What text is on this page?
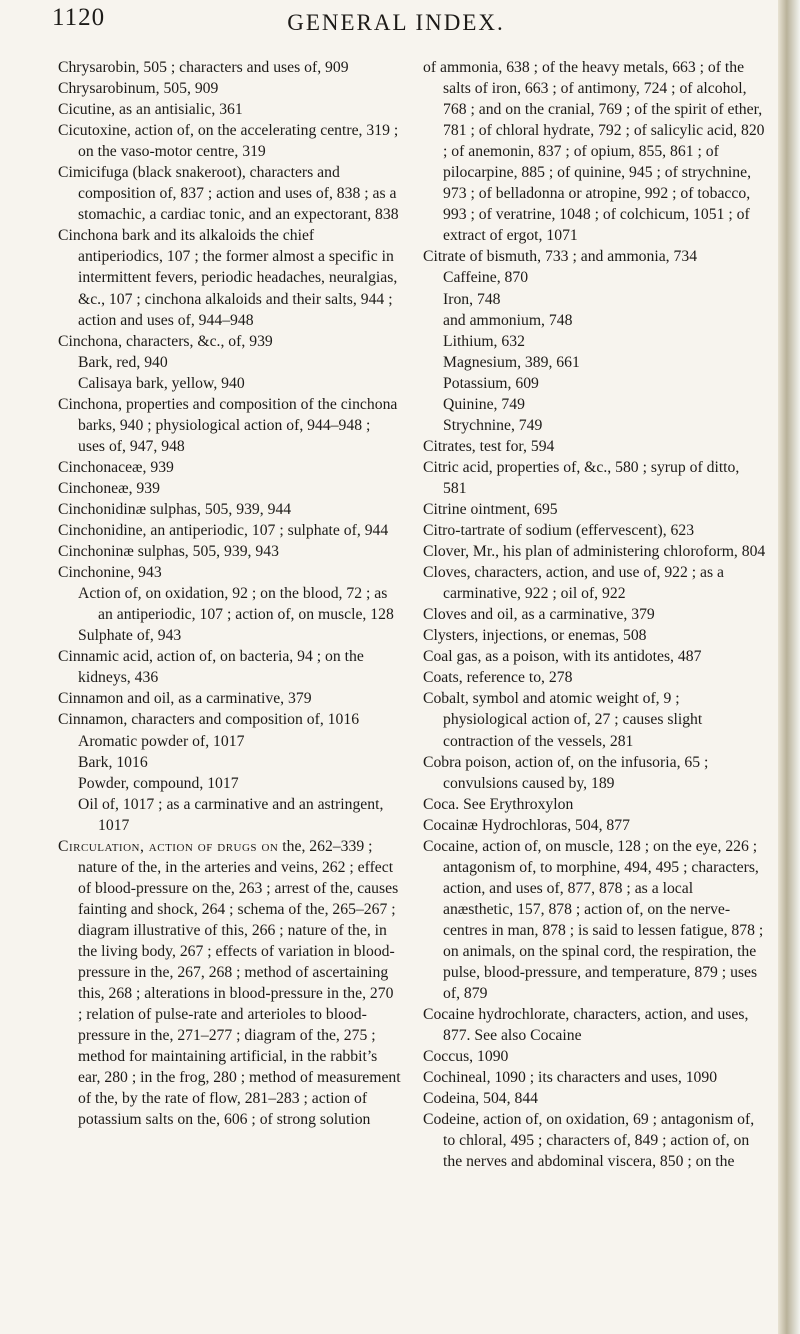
1120	GENERAL INDEX.
Chrysarobin, 505 ; characters and uses of, 909
Chrysarobinum, 505, 909
Cicutine, as an antisialic, 361
Cicutoxine, action of, on the accelerating centre, 319 ; on the vaso-motor centre, 319
Cimicifuga (black snakeroot), characters and composition of, 837 ; action and uses of, 838 ; as a stomachic, a cardiac tonic, and an expectorant, 838
Cinchona bark and its alkaloids the chief antiperiodics, 107 ; the former almost a specific in intermittent fevers, periodic headaches, neuralgias, &c., 107 ; cinchona alkaloids and their salts, 944 ; action and uses of, 944–948
Cinchona, characters, &c., of, 939
Bark, red, 940
Calisaya bark, yellow, 940
Cinchona, properties and composition of the cinchona barks, 940 ; physiological action of, 944–948 ; uses of, 947, 948
Cinchonaceæ, 939
Cinchoneæ, 939
Cinchonidinæ sulphas, 505, 939, 944
Cinchonidine, an antiperiodic, 107 ; sulphate of, 944
Cinchoninæ sulphas, 505, 939, 943
Cinchonine, 943
Action of, on oxidation, 92 ; on the blood, 72 ; as an antiperiodic, 107 ; action of, on muscle, 128
Sulphate of, 943
Cinnamic acid, action of, on bacteria, 94 ; on the kidneys, 436
Cinnamon and oil, as a carminative, 379
Cinnamon, characters and composition of, 1016
Aromatic powder of, 1017
Bark, 1016
Powder, compound, 1017
Oil of, 1017 ; as a carminative and an astringent, 1017
Circulation, action of drugs on the, 262–339 ; nature of the, in the arteries and veins, 262 ; effect of blood-pressure on the, 263 ; arrest of the, causes fainting and shock, 264 ; schema of the, 265–267 ; diagram illustrative of this, 266 ; nature of the, in the living body, 267 ; effects of variation in blood-pressure in the, 267, 268 ; method of ascertaining this, 268 ; alterations in blood-pressure in the, 270 ; relation of pulse-rate and arterioles to blood-pressure in the, 271–277 ; diagram of the, 275 ; method for maintaining artificial, in the rabbit’s ear, 280 ; in the frog, 280 ; method of measurement of the, by the rate of flow, 281–283 ; action of potassium salts on the, 606 ; of strong solution
of ammonia, 638 ; of the heavy metals, 663 ; of the salts of iron, 663 ; of antimony, 724 ; of alcohol, 768 ; and on the cranial, 769 ; of the spirit of ether, 781 ; of chloral hydrate, 792 ; of salicylic acid, 820 ; of anemonin, 837 ; of opium, 855, 861 ; of pilocarpine, 885 ; of quinine, 945 ; of strychnine, 973 ; of belladonna or atropine, 992 ; of tobacco, 993 ; of veratrine, 1048 ; of colchicum, 1051 ; of extract of ergot, 1071
Citrate of bismuth, 733 ; and ammonia, 734
Caffeine, 870
Iron, 748
and ammonium, 748
Lithium, 632
Magnesium, 389, 661
Potassium, 609
Quinine, 749
Strychnine, 749
Citrates, test for, 594
Citric acid, properties of, &c., 580 ; syrup of ditto, 581
Citrine ointment, 695
Citro-tartrate of sodium (effervescent), 623
Clover, Mr., his plan of administering chloroform, 804
Cloves, characters, action, and use of, 922 ; as a carminative, 922 ; oil of, 922
Cloves and oil, as a carminative, 379
Clysters, injections, or enemas, 508
Coal gas, as a poison, with its antidotes, 487
Coats, reference to, 278
Cobalt, symbol and atomic weight of, 9 ; physiological action of, 27 ; causes slight contraction of the vessels, 281
Cobra poison, action of, on the infusoria, 65 ; convulsions caused by, 189
Coca. See Erythroxylon
Cocainæ Hydrochloras, 504, 877
Cocaine, action of, on muscle, 128 ; on the eye, 226 ; antagonism of, to morphine, 494, 495 ; characters, action, and uses of, 877, 878 ; as a local anæsthetic, 157, 878 ; action of, on the nerve-centres in man, 878 ; is said to lessen fatigue, 878 ; on animals, on the spinal cord, the respiration, the pulse, blood-pressure, and temperature, 879 ; uses of, 879
Cocaine hydrochlorate, characters, action, and uses, 877. See also Cocaine
Coccus, 1090
Cochineal, 1090 ; its characters and uses, 1090
Codeina, 504, 844
Codeine, action of, on oxidation, 69 ; antagonism of, to chloral, 495 ; characters of, 849 ; action of, on the nerves and abdominal viscera, 850 ; on the
